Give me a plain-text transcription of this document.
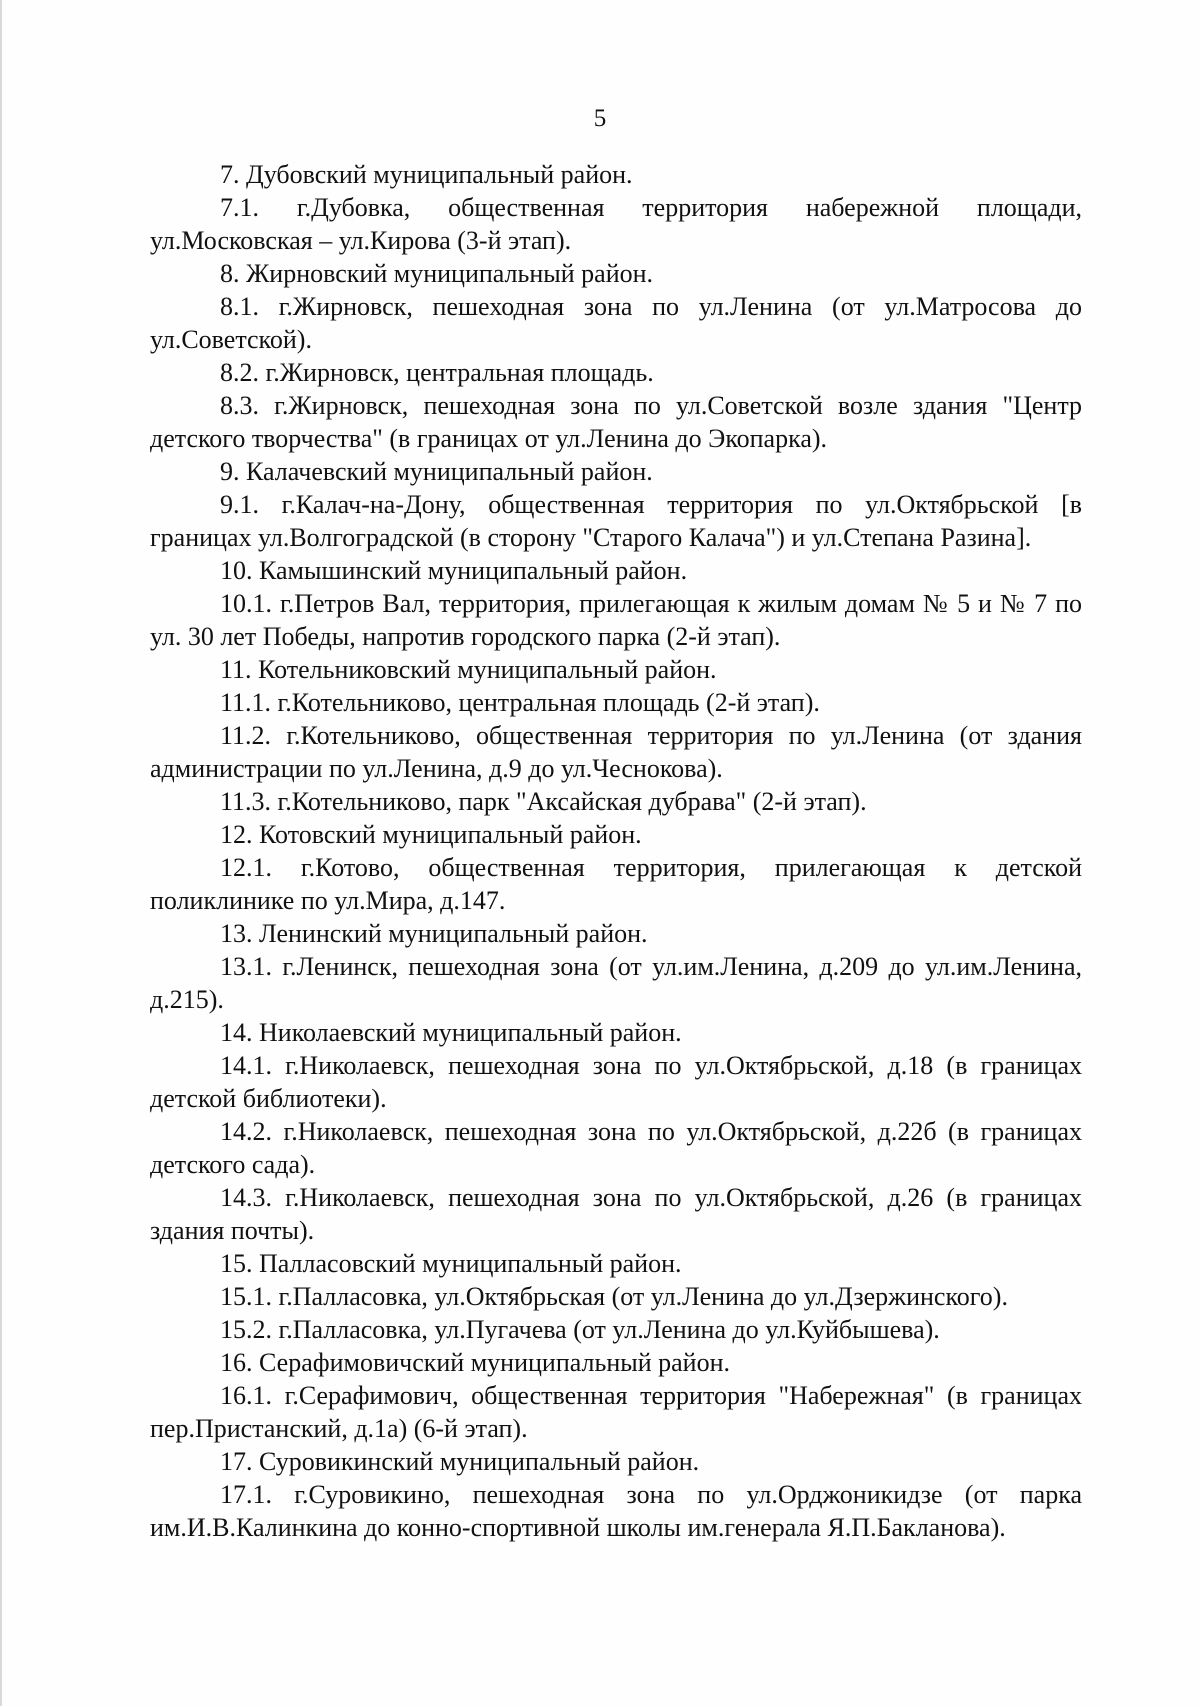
5

7. Дубовский муниципальный район.

7.1. г.Дубовка, общественная территория набережной площади, ул.Московская – ул.Кирова (3-й этап).

8. Жирновский муниципальный район.

8.1. г.Жирновск, пешеходная зона по ул.Ленина (от ул.Матросова до ул.Советской).

8.2. г.Жирновск, центральная площадь.

8.3. г.Жирновск, пешеходная зона по ул.Советской возле здания "Центр детского творчества" (в границах от ул.Ленина до Экопарка).

9. Калачевский муниципальный район.

9.1. г.Калач-на-Дону, общественная территория по ул.Октябрьской [в границах ул.Волгоградской (в сторону "Старого Калача") и ул.Степана Разина].

10. Камышинский муниципальный район.

10.1. г.Петров Вал, территория, прилегающая к жилым домам № 5 и № 7 по ул. 30 лет Победы, напротив городского парка (2-й этап).

11. Котельниковский муниципальный район.

11.1. г.Котельниково, центральная площадь (2-й этап).

11.2. г.Котельниково, общественная территория по ул.Ленина (от здания администрации по ул.Ленина, д.9 до ул.Чеснокова).

11.3. г.Котельниково, парк "Аксайская дубрава" (2-й этап).

12. Котовский муниципальный район.

12.1. г.Котово, общественная территория, прилегающая к детской поликлинике по ул.Мира, д.147.

13. Ленинский муниципальный район.

13.1. г.Ленинск, пешеходная зона (от ул.им.Ленина, д.209 до ул.им.Ленина, д.215).

14. Николаевский муниципальный район.

14.1. г.Николаевск, пешеходная зона по ул.Октябрьской, д.18 (в границах детской библиотеки).

14.2. г.Николаевск, пешеходная зона по ул.Октябрьской, д.22б (в границах детского сада).

14.3. г.Николаевск, пешеходная зона по ул.Октябрьской, д.26 (в границах здания почты).

15. Палласовский муниципальный район.

15.1. г.Палласовка, ул.Октябрьская (от ул.Ленина до ул.Дзержинского).

15.2. г.Палласовка, ул.Пугачева (от ул.Ленина до ул.Куйбышева).

16. Серафимовичский муниципальный район.

16.1. г.Серафимович, общественная территория "Набережная" (в границах пер.Пристанский, д.1а) (6-й этап).

17. Суровикинский муниципальный район.

17.1. г.Суровикино, пешеходная зона по ул.Орджоникидзе (от парка им.И.В.Калинкина до конно-спортивной школы им.генерала Я.П.Бакланова).
